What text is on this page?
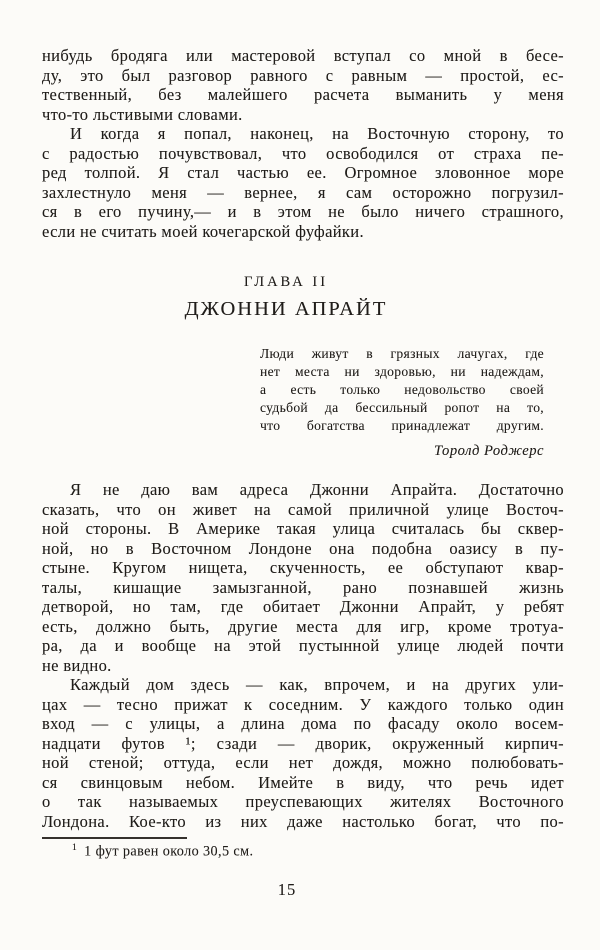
нибудь бродяга или мастеровой вступал со мной в бесе-
ду, это был разговор равного с равным — простой, ес-
тественный, без малейшего расчета выманить у меня
что-то льстивыми словами.
И когда я попал, наконец, на Восточную сторону, то
с радостью почувствовал, что освободился от страха пе-
ред толпой. Я стал частью ее. Огромное зловонное море
захлестнуло меня — вернее, я сам осторожно погрузил-
ся в его пучину,— и в этом не было ничего страшного,
если не считать моей кочегарской фуфайки.
ГЛАВА II
ДЖОННИ АПРАЙТ
Люди живут в грязных лачугах, где
нет места ни здоровью, ни надеждам,
а есть только недовольство своей
судьбой да бессильный ропот на то,
что богатства принадлежат другим.
Торолд Роджерс
Я не даю вам адреса Джонни Апрайта. Достаточно
сказать, что он живет на самой приличной улице Восточ-
ной стороны. В Америке такая улица считалась бы сквер-
ной, но в Восточном Лондоне она подобна оазису в пу-
стыне. Кругом нищета, скученность, ее обступают квар-
талы, кишащие замызганной, рано познавшей жизнь
детворой, но там, где обитает Джонни Апрайт, у ребят
есть, должно быть, другие места для игр, кроме тротуа-
ра, да и вообще на этой пустынной улице людей почти
не видно.
Каждый дом здесь — как, впрочем, и на других ули-
цах — тесно прижат к соседним. У каждого только один
вход — с улицы, а длина дома по фасаду около восем-
надцати футов ¹; сзади — дворик, окруженный кирпич-
ной стеной; оттуда, если нет дождя, можно полюбовать-
ся свинцовым небом. Имейте в виду, что речь идет
о так называемых преуспевающих жителях Восточного
Лондона. Кое-кто из них даже настолько богат, что по-
$^1$ 1 фут равен около 30,5 см.
15
